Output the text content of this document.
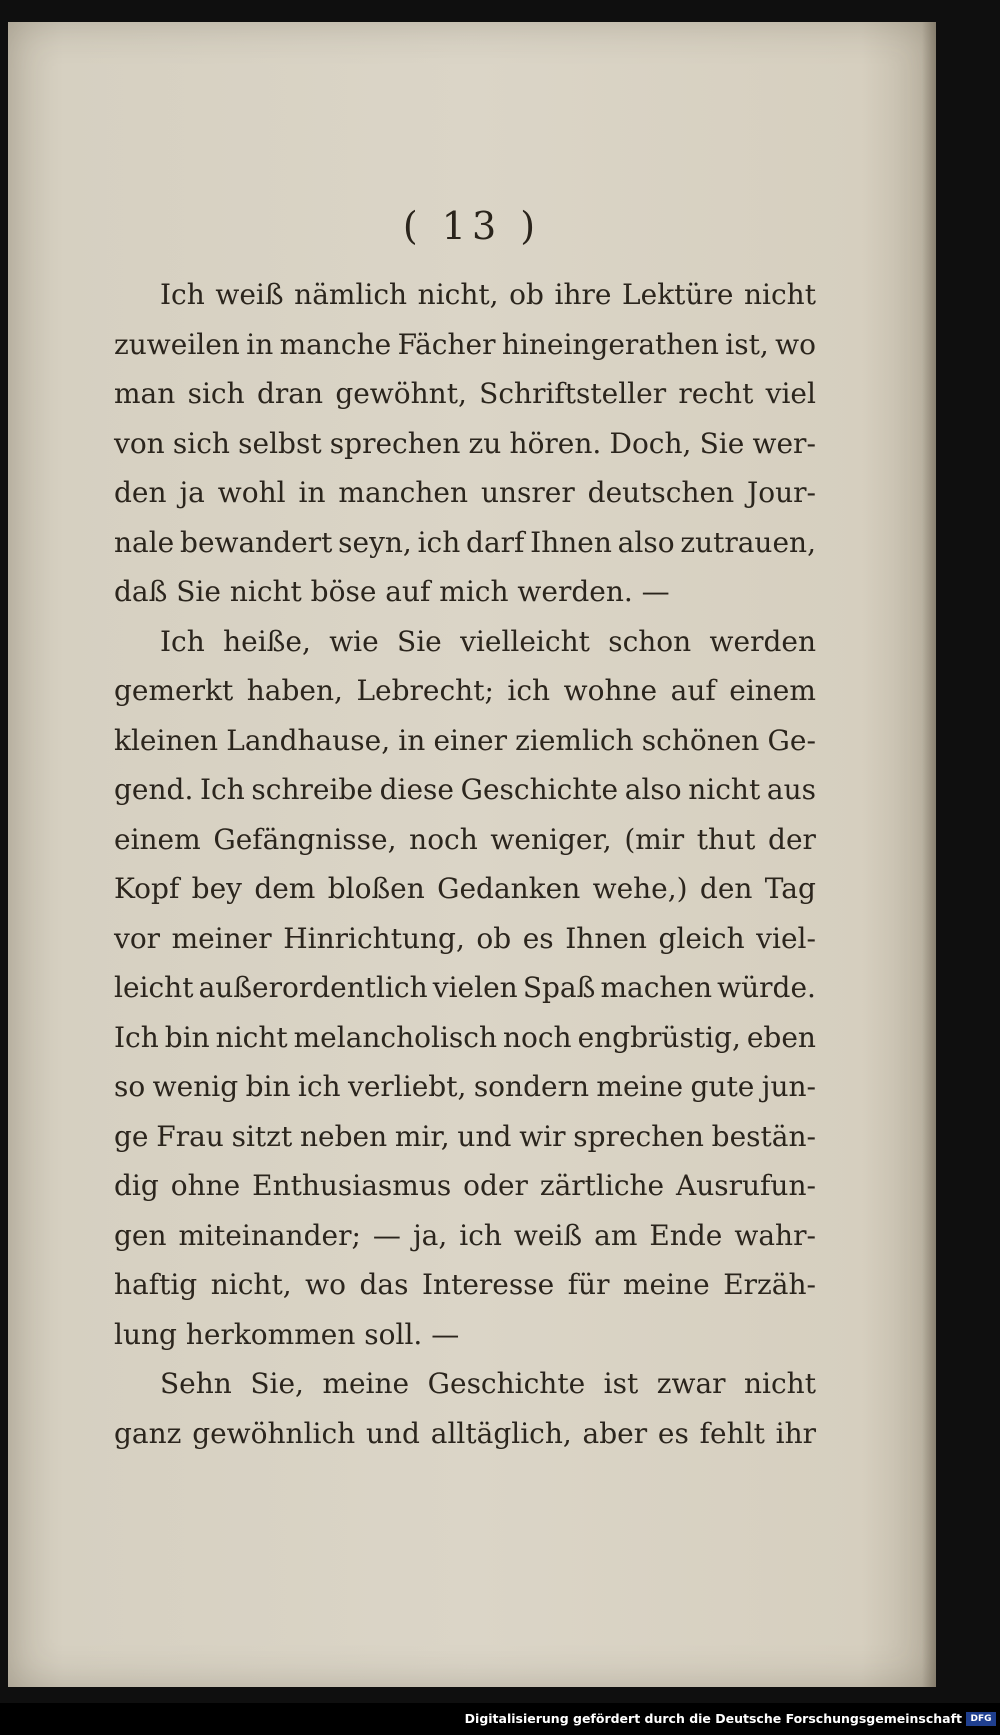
( 13 )
Ich weiß nämlich nicht, ob ihre Lektüre nicht
zuweilen in manche Fächer hineingerathen ist, wo
man sich dran gewöhnt, Schriftsteller recht viel
von sich selbst sprechen zu hören. Doch, Sie wer-
den ja wohl in manchen unsrer deutschen Jour-
nale bewandert seyn, ich darf Ihnen also zutrauen,
daß Sie nicht böse auf mich werden. —
Ich heiße, wie Sie vielleicht schon werden
gemerkt haben, Lebrecht; ich wohne auf einem
kleinen Landhause, in einer ziemlich schönen Ge-
gend. Ich schreibe diese Geschichte also nicht aus
einem Gefängnisse, noch weniger, (mir thut der
Kopf bey dem bloßen Gedanken wehe,) den Tag
vor meiner Hinrichtung, ob es Ihnen gleich viel-
leicht außerordentlich vielen Spaß machen würde.
Ich bin nicht melancholisch noch engbrüstig, eben
so wenig bin ich verliebt, sondern meine gute jun-
ge Frau sitzt neben mir, und wir sprechen bestän-
dig ohne Enthusiasmus oder zärtliche Ausrufun-
gen miteinander; — ja, ich weiß am Ende wahr-
haftig nicht, wo das Interesse für meine Erzäh-
lung herkommen soll. —
Sehn Sie, meine Geschichte ist zwar nicht
ganz gewöhnlich und alltäglich, aber es fehlt ihr
Digitalisierung gefördert durch die Deutsche Forschungsgemeinschaft DFG
